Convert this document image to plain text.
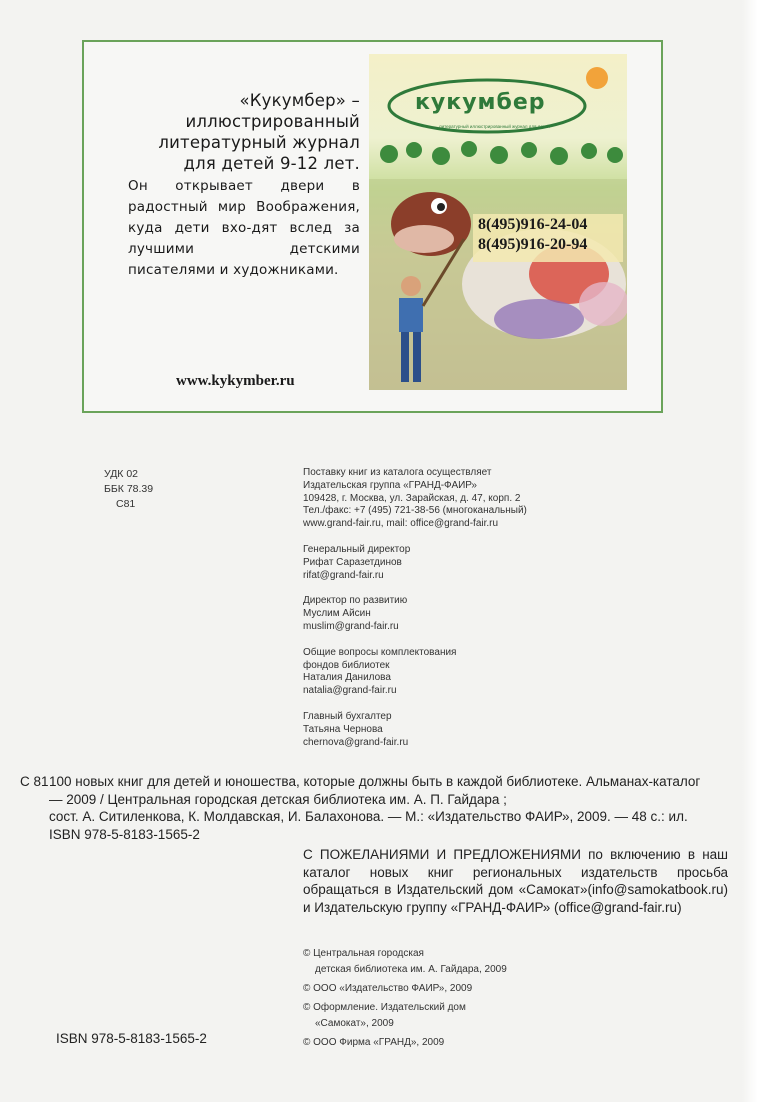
«Кукумбер» –
иллюстрированный
литературный журнал
для детей 9-12 лет.
Он открывает двери в радостный мир Воображения, куда дети вхо-дят вслед за лучшими детскими писателями и художниками.
www.kykymber.ru
кукумбер
литературный иллюстрированный журнал для детей
8(495)916-24-04
8(495)916-20-94
УДК 02
ББК 78.39
С81
Поставку книг из каталога осуществляет
Издательская группа «ГРАНД-ФАИР»
109428, г. Москва, ул. Зарайская, д. 47, корп. 2
Тел./факс: +7 (495) 721-38-56 (многоканальный)
www.grand-fair.ru, mail: office@grand-fair.ru
Генеральный директор
Рифат Саразетдинов
rifat@grand-fair.ru
Директор по развитию
Муслим Айсин
muslim@grand-fair.ru
Общие вопросы комплектования
фондов библиотек
Наталия Данилова
natalia@grand-fair.ru
Главный бухгалтер
Татьяна Чернова
chernova@grand-fair.ru
С 81 100 новых книг для детей и юношества, которые должны быть в каждой библиотеке. Альманах-каталог
— 2009 / Центральная городская детская библиотека им. А. П. Гайдара ;
сост. А. Ситиленкова, К. Молдавская, И. Балахонова. — М.: «Издательство ФАИР», 2009. — 48 с.: ил.
ISBN 978-5-8183-1565-2
С ПОЖЕЛАНИЯМИ И ПРЕДЛОЖЕНИЯМИ по включению в наш каталог новых книг региональных издательств просьба обращаться в Издательский дом «Самокат»(info@samokatbook.ru) и Издательскую группу «ГРАНД-ФАИР» (office@grand-fair.ru)
© Центральная городская
детская библиотека им. А. Гайдара, 2009
© ООО «Издательство ФАИР», 2009
© Оформление. Издательский дом
«Самокат», 2009
© ООО Фирма «ГРАНД», 2009
ISBN 978-5-8183-1565-2
